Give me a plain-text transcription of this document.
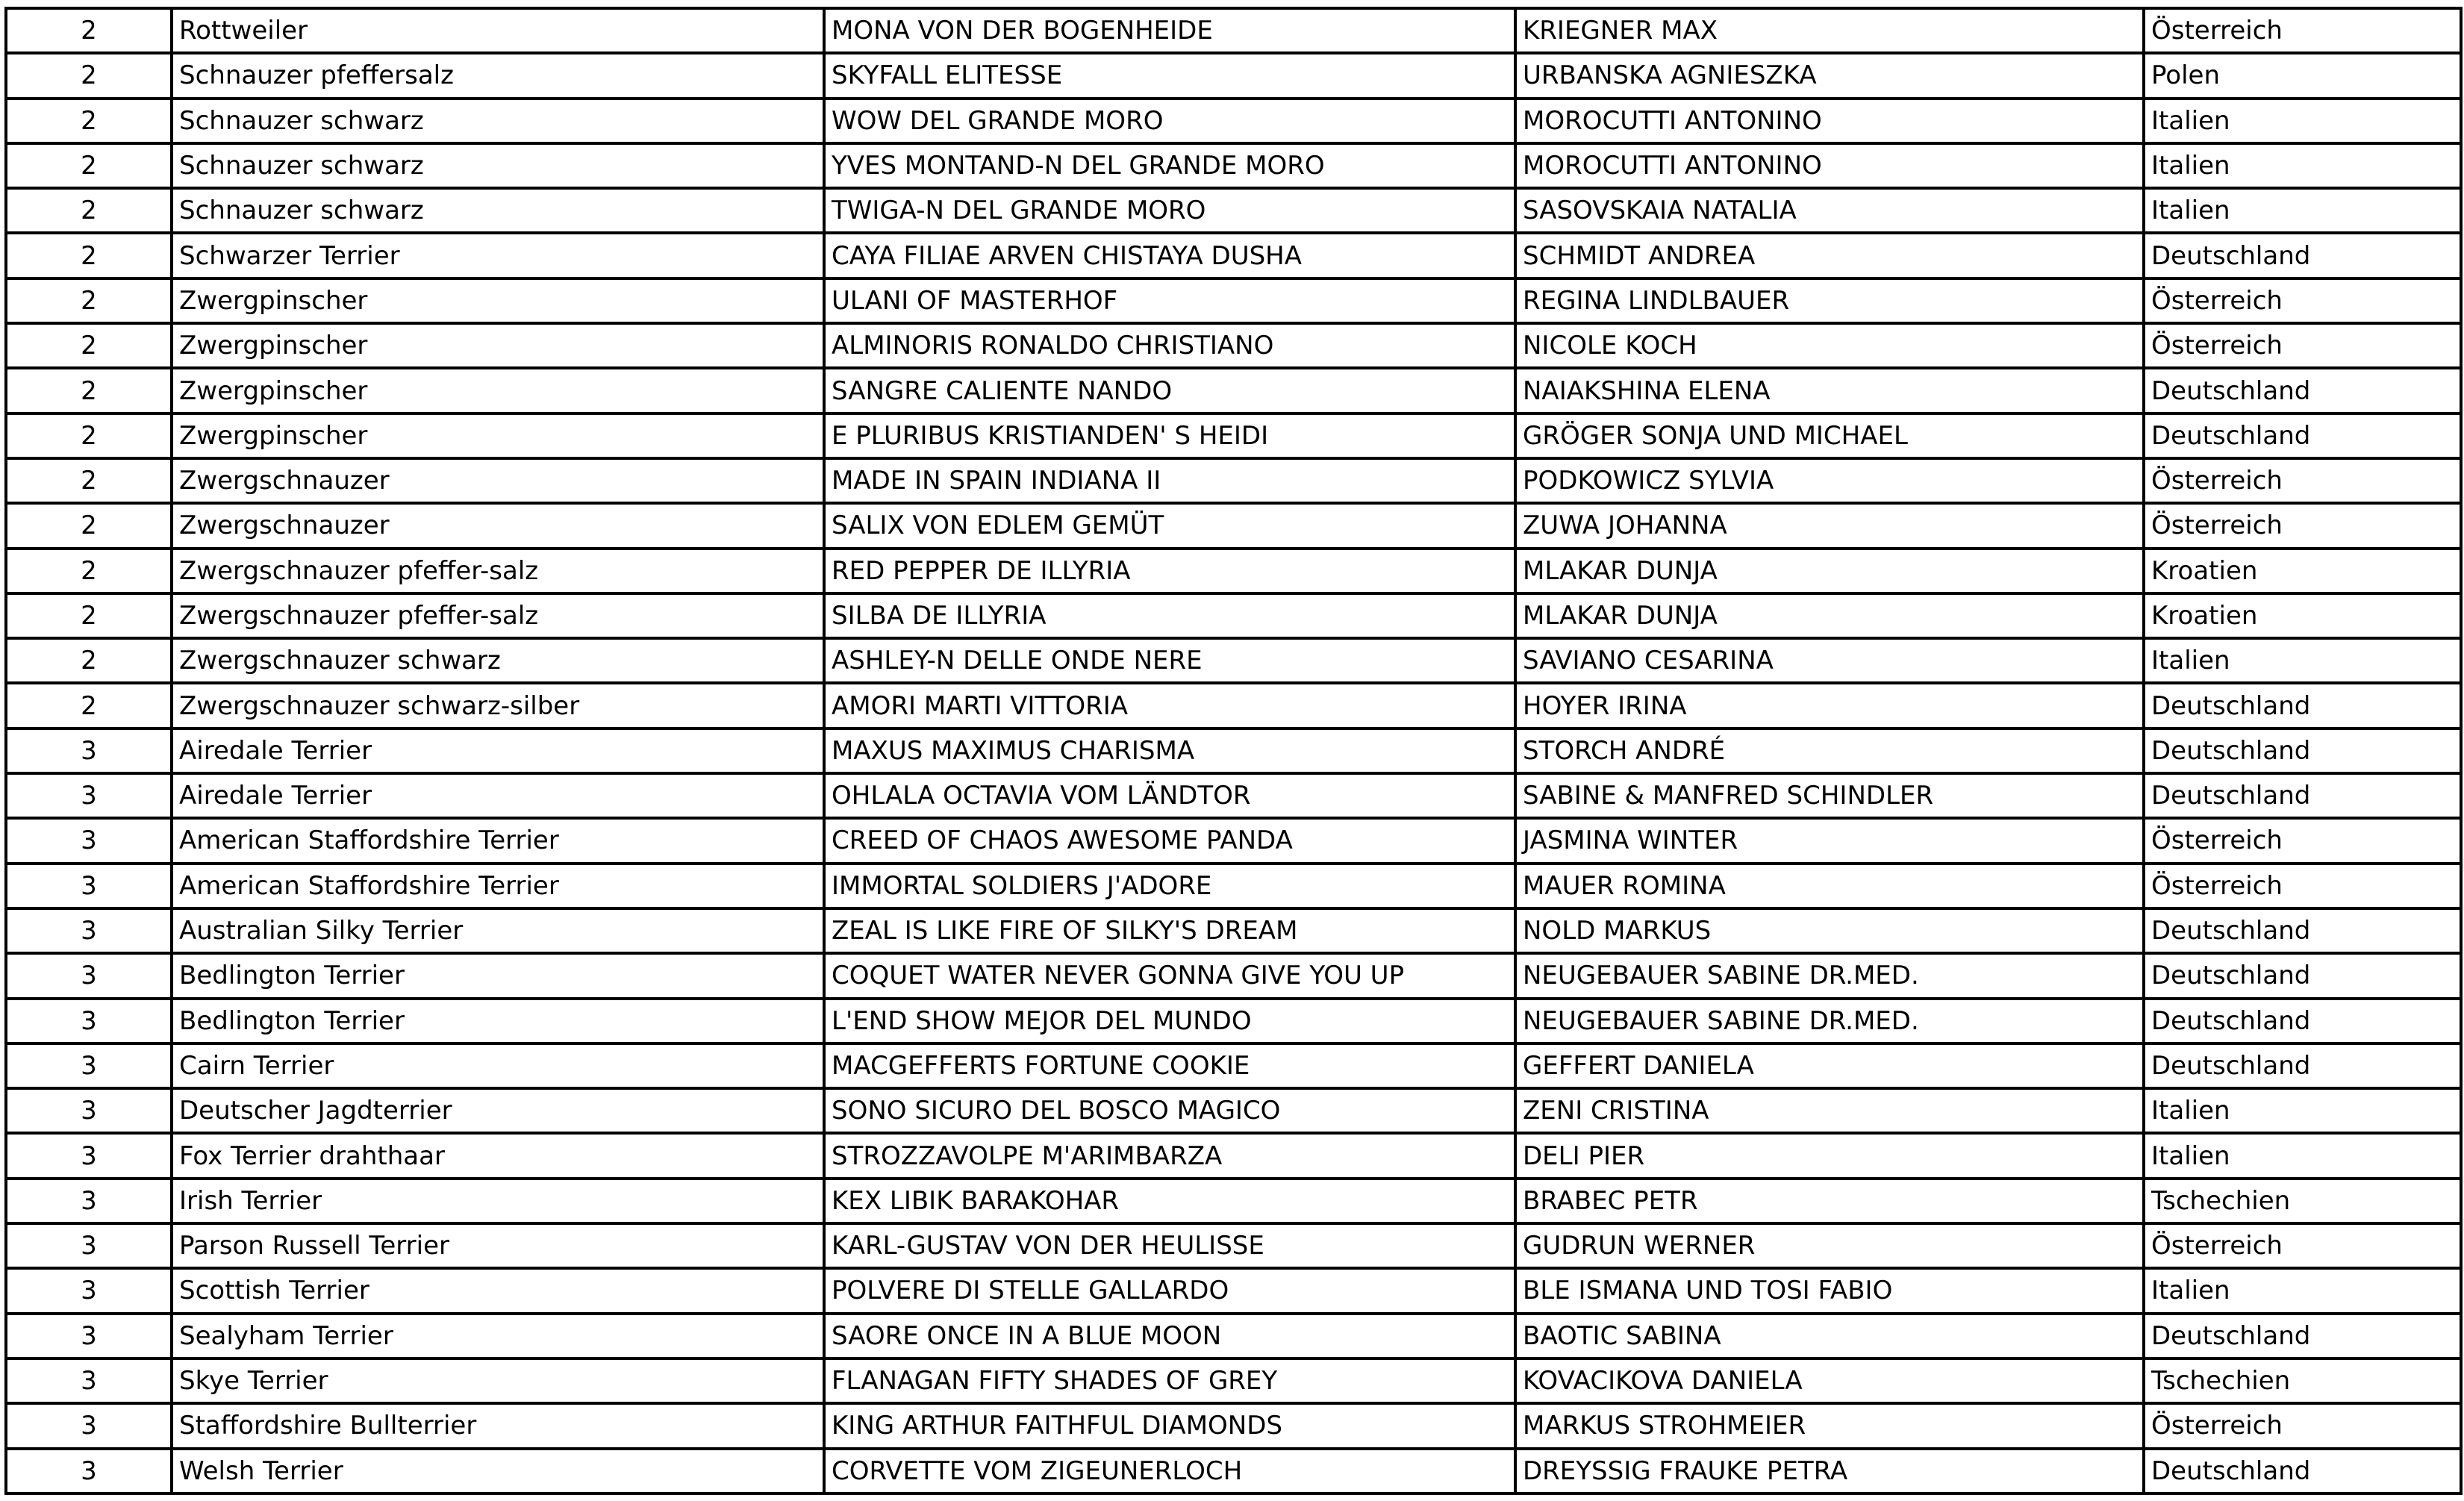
2	Rottweiler	MONA VON DER BOGENHEIDE	KRIEGNER MAX	Österreich
2	Schnauzer pfeffersalz	SKYFALL ELITESSE	URBANSKA AGNIESZKA	Polen
2	Schnauzer schwarz	WOW DEL GRANDE MORO	MOROCUTTI ANTONINO	Italien
2	Schnauzer schwarz	YVES MONTAND-N DEL GRANDE MORO	MOROCUTTI ANTONINO	Italien
2	Schnauzer schwarz	TWIGA-N DEL GRANDE MORO	SASOVSKAIA NATALIA	Italien
2	Schwarzer Terrier	CAYA FILIAE ARVEN CHISTAYA DUSHA	SCHMIDT ANDREA	Deutschland
2	Zwergpinscher	ULANI OF MASTERHOF	REGINA LINDLBAUER	Österreich
2	Zwergpinscher	ALMINORIS RONALDO CHRISTIANO	NICOLE KOCH	Österreich
2	Zwergpinscher	SANGRE CALIENTE NANDO	NAIAKSHINA ELENA	Deutschland
2	Zwergpinscher	E PLURIBUS KRISTIANDEN' S HEIDI	GRÖGER SONJA UND MICHAEL	Deutschland
2	Zwergschnauzer	MADE IN SPAIN INDIANA II	PODKOWICZ SYLVIA	Österreich
2	Zwergschnauzer	SALIX VON EDLEM GEMÜT	ZUWA JOHANNA	Österreich
2	Zwergschnauzer pfeffer-salz	RED PEPPER DE ILLYRIA	MLAKAR DUNJA	Kroatien
2	Zwergschnauzer pfeffer-salz	SILBA DE ILLYRIA	MLAKAR DUNJA	Kroatien
2	Zwergschnauzer schwarz	ASHLEY-N DELLE ONDE NERE	SAVIANO CESARINA	Italien
2	Zwergschnauzer schwarz-silber	AMORI MARTI VITTORIA	HOYER IRINA	Deutschland
3	Airedale Terrier	MAXUS MAXIMUS CHARISMA	STORCH ANDRÉ	Deutschland
3	Airedale Terrier	OHLALA OCTAVIA VOM LÄNDTOR	SABINE & MANFRED SCHINDLER	Deutschland
3	American Staffordshire Terrier	CREED OF CHAOS AWESOME PANDA	JASMINA WINTER	Österreich
3	American Staffordshire Terrier	IMMORTAL SOLDIERS J'ADORE	MAUER ROMINA	Österreich
3	Australian Silky Terrier	ZEAL IS LIKE FIRE OF SILKY'S DREAM	NOLD MARKUS	Deutschland
3	Bedlington Terrier	COQUET WATER NEVER GONNA GIVE YOU UP	NEUGEBAUER SABINE DR.MED.	Deutschland
3	Bedlington Terrier	L'END SHOW MEJOR DEL MUNDO	NEUGEBAUER SABINE DR.MED.	Deutschland
3	Cairn Terrier	MACGEFFERTS FORTUNE COOKIE	GEFFERT DANIELA	Deutschland
3	Deutscher Jagdterrier	SONO SICURO DEL BOSCO MAGICO	ZENI CRISTINA	Italien
3	Fox Terrier drahthaar	STROZZAVOLPE M'ARIMBARZA	DELI PIER	Italien
3	Irish Terrier	KEX LIBIK BARAKOHAR	BRABEC PETR	Tschechien
3	Parson Russell Terrier	KARL-GUSTAV VON DER HEULISSE	GUDRUN WERNER	Österreich
3	Scottish Terrier	POLVERE DI STELLE GALLARDO	BLE ISMANA UND TOSI FABIO	Italien
3	Sealyham Terrier	SAORE ONCE IN A BLUE MOON	BAOTIC SABINA	Deutschland
3	Skye Terrier	FLANAGAN FIFTY SHADES OF GREY	KOVACIKOVA DANIELA	Tschechien
3	Staffordshire Bullterrier	KING ARTHUR FAITHFUL DIAMONDS	MARKUS STROHMEIER	Österreich
3	Welsh Terrier	CORVETTE VOM ZIGEUNERLOCH	DREYSSIG FRAUKE PETRA	Deutschland
